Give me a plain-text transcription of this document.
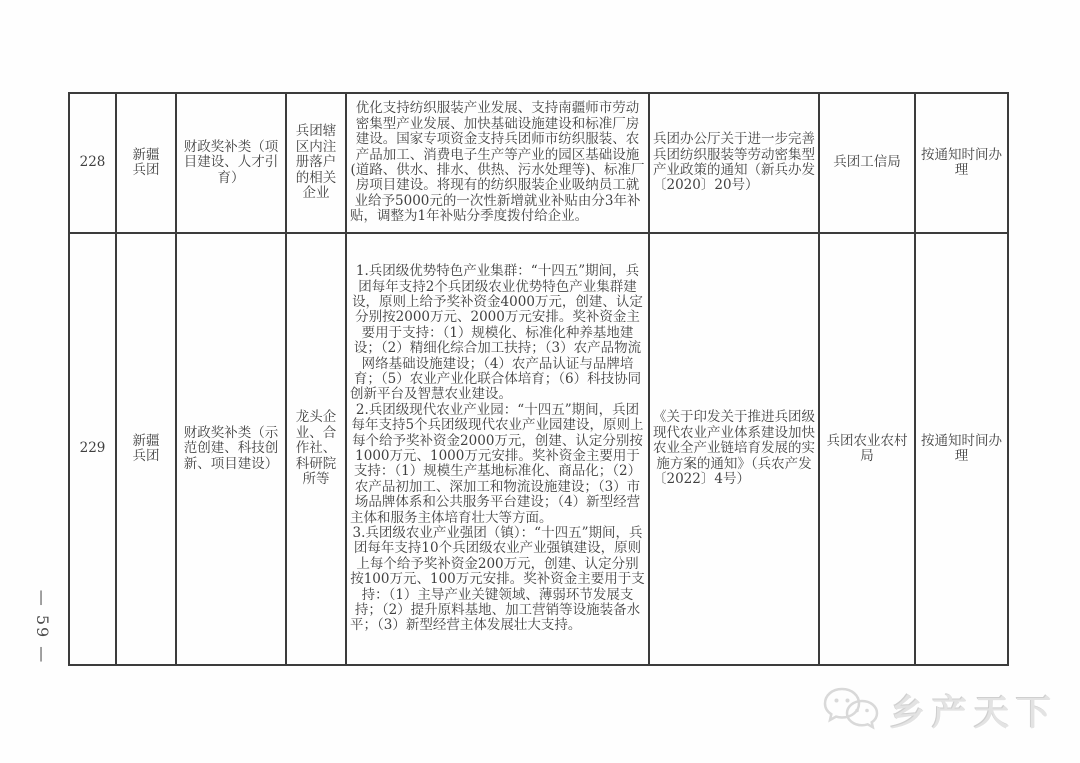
— 59 —
228	新疆兵团	财政奖补类（项目建设、人才引育）	兵团辖区内注册落户的相关企业	优化支持纺织服装产业发展、支持南疆师市劳动密集型产业发展、加快基础设施建设和标准厂房建设。国家专项资金支持兵团师市纺织服装、农产品加工、消费电子生产等产业的园区基础设施(道路、供水、排水、供热、污水处理等)、标准厂房项目建设。将现有的纺织服装企业吸纳员工就业给予5000元的一次性新增就业补贴由分3年补贴，调整为1年补贴分季度拨付给企业。	兵团办公厅关于进一步完善兵团纺织服装等劳动密集型产业政策的通知（新兵办发〔2020〕20号）	兵团工信局	按通知时间办理
229	新疆兵团	财政奖补类（示范创建、科技创新、项目建设）	龙头企业、合作社、科研院所等	1.兵团级优势特色产业集群：“十四五”期间，兵团每年支持2个兵团级农业优势特色产业集群建设，原则上给予奖补资金4000万元，创建、认定分别按2000万元、2000万元安排。奖补资金主要用于支持：（1）规模化、标准化种养基地建设；（2）精细化综合加工扶持；（3）农产品物流网络基础设施建设；（4）农产品认证与品牌培育；（5）农业产业化联合体培育；（6）科技协同创新平台及智慧农业建设。

2.兵团级现代农业产业园：“十四五”期间，兵团每年支持5个兵团级现代农业产业园建设，原则上每个给予奖补资金2000万元，创建、认定分别按1000万元、1000万元安排。奖补资金主要用于支持：（1）规模生产基地标准化、商品化；（2）农产品初加工、深加工和物流设施建设；（3）市场品牌体系和公共服务平台建设；（4）新型经营主体和服务主体培育壮大等方面。

3.兵团级农业产业强团（镇）：“十四五”期间，兵团每年支持10个兵团级农业产业强镇建设，原则上每个给予奖补资金200万元，创建、认定分别按100万元、100万元安排。奖补资金主要用于支持：（1）主导产业关键领域、薄弱环节发展支持；（2）提升原料基地、加工营销等设施装备水平；（3）新型经营主体发展壮大支持。	《关于印发关于推进兵团级现代农业产业体系建设加快农业全产业链培育发展的实施方案的通知》（兵农产发〔2022〕4号）	兵团农业农村局	按通知时间办理
乡产天下
